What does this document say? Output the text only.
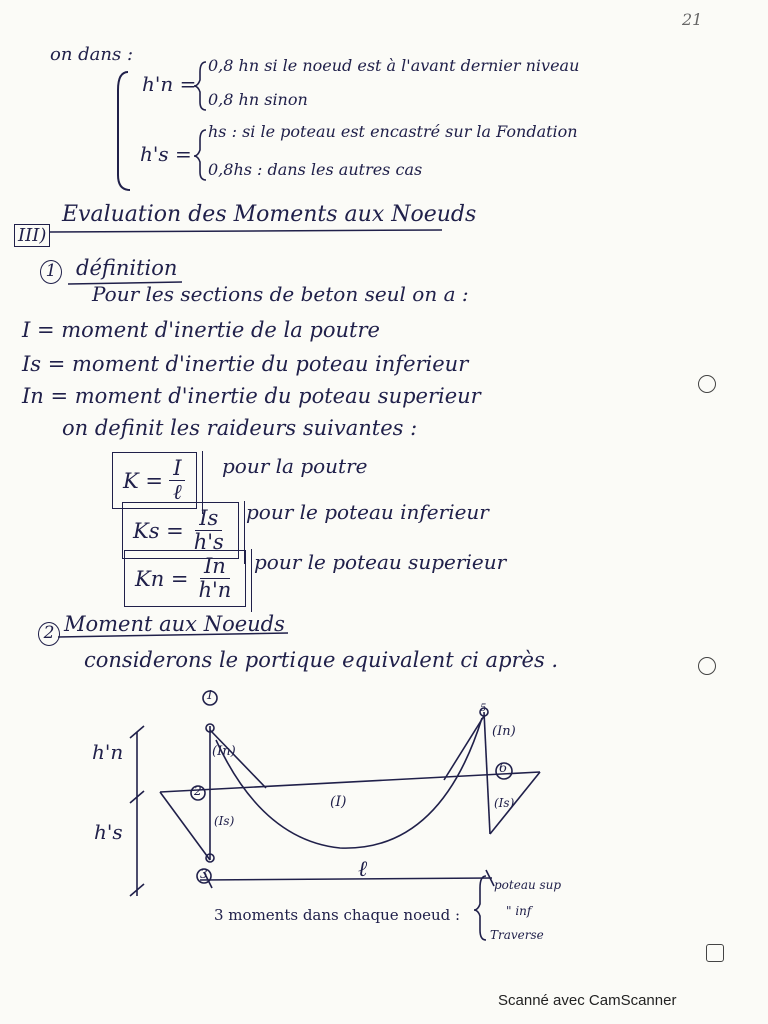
21
on dans :
h'n =
0,8 hn si le noeud est à l'avant dernier niveau
0,8 hn sinon
h's =
hs : si le poteau est encastré sur la Fondation
0,8hs : dans les autres cas
III)
Evaluation des Moments aux Noeuds
1 définition
Pour les sections de beton seul on a :
I = moment d'inertie de la poutre
Is = moment d'inertie du poteau inferieur
In = moment d'inertie du poteau superieur
on definit les raideurs suivantes :
$K = \frac{I}{\text{ℓ}}$ pour la poutre
$Ks = \frac{Is}{h's}$ pour le poteau inferieur
$Kn = \frac{In}{h'n}$ pour le poteau superieur
2 Moment aux Noeuds
considerons le portique equivalent ci après .
1
2
3
5
6
h'n
h's
(In)
(In)
(Is)
(Is)
(I)
ℓ
3 moments dans chaque noeud :
poteau sup
" inf
Traverse
Scanné avec CamScanner
